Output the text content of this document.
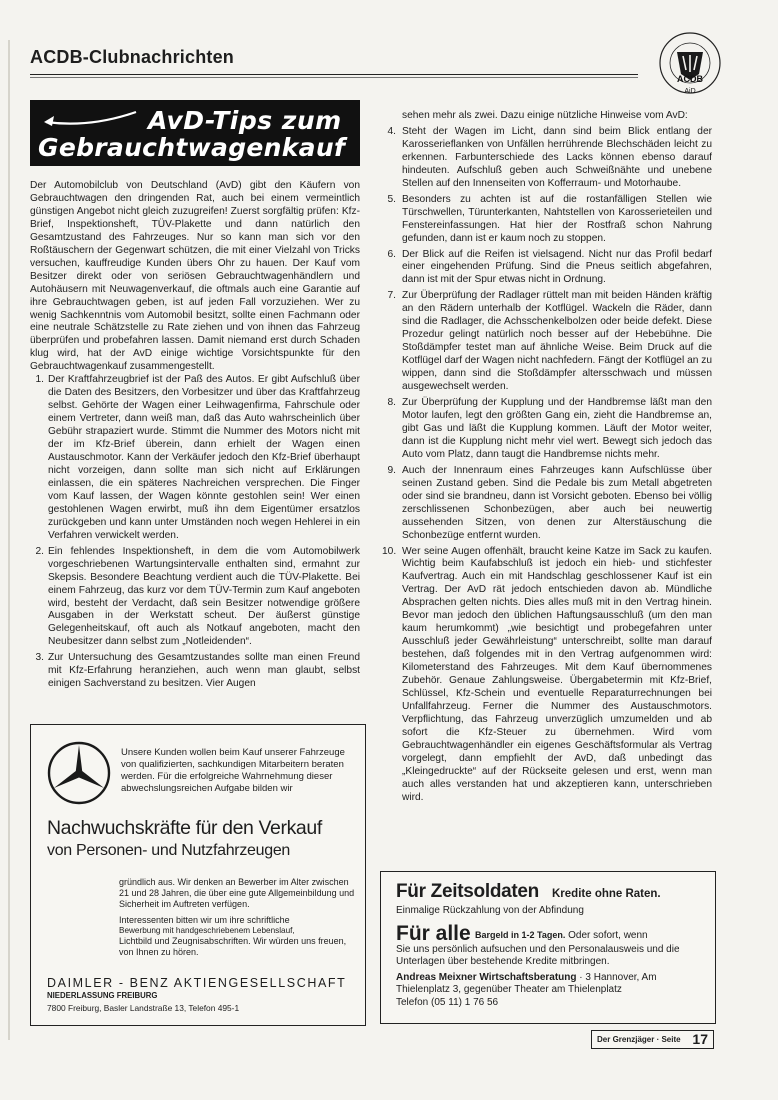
ACDB-Clubnachrichten
ACDB
AiD
AvD-Tips zum
Gebrauchtwagenkauf

Der Automobilclub von Deutschland (AvD) gibt den Käufern von Gebrauchtwagen den dringenden Rat, auch bei einem vermeintlich günstigen Angebot nicht gleich zuzugreifen! Zuerst sorgfältig prüfen: Kfz-Brief, Inspektionsheft, TÜV-Plakette und dann natürlich den Gesamtzustand des Fahrzeuges. Nur so kann man sich vor den Roßtäuschern der Gegenwart schützen, die mit einer Vielzahl von Tricks versuchen, kauffreudige Kunden übers Ohr zu hauen. Der Kauf vom Besitzer direkt oder von seriösen Gebrauchtwagenhändlern und Autohäusern mit Neuwagenverkauf, die oftmals auch eine Garantie auf ihre Gebrauchtwagen geben, ist auf jeden Fall vorzuziehen. Wer zu wenig Sachkenntnis vom Automobil besitzt, sollte einen Fachmann oder eine neutrale Schätzstelle zu Rate ziehen und von ihnen das Fahrzeug überprüfen und probefahren lassen. Damit niemand erst durch Schaden klug wird, hat der AvD einige wichtige Vorsichtspunkte für den Gebrauchtwagenkauf zusammengestellt.

1. Der Kraftfahrzeugbrief ist der Paß des Autos. Er gibt Aufschluß über die Daten des Besitzers, den Vorbesitzer und über das Kraftfahrzeug selbst. Gehörte der Wagen einer Leihwagenfirma, Fahrschule oder einem Vertreter, dann weiß man, daß das Auto wahrscheinlich über Gebühr strapaziert wurde. Stimmt die Nummer des Motors nicht mit der im Kfz-Brief überein, dann erhielt der Wagen einen Austauschmotor. Kann der Verkäufer jedoch den Kfz-Brief überhaupt nicht vorzeigen, dann sollte man sich nicht auf Erklärungen einlassen, die ein späteres Nachreichen versprechen. Die Finger vom Kauf lassen, der Wagen könnte gestohlen sein! Wer einen gestohlenen Wagen erwirbt, muß ihn dem Eigentümer ersatzlos zurückgeben und kann unter Umständen noch wegen Hehlerei in ein Verfahren verwickelt werden.
2. Ein fehlendes Inspektionsheft, in dem die vom Automobilwerk vorgeschriebenen Wartungsintervalle enthalten sind, ermahnt zur Skepsis. Besondere Beachtung verdient auch die TÜV-Plakette. Bei einem Fahrzeug, das kurz vor dem TÜV-Termin zum Kauf angeboten wird, besteht der Verdacht, daß sein Besitzer notwendige größere Ausgaben in der Werkstatt scheut. Der äußerst günstige Gelegenheitskauf, oft auch als Notkauf angeboten, macht den Neubesitzer dann selbst zum „Notleidenden“.
3. Zur Untersuchung des Gesamtzustandes sollte man einen Freund mit Kfz-Erfahrung heranziehen, auch wenn man glaubt, selbst einigen Sachverstand zu besitzen. Vier Augen

sehen mehr als zwei. Dazu einige nützliche Hinweise vom AvD:

4. Steht der Wagen im Licht, dann sind beim Blick entlang der Karosserieflanken von Unfällen herrührende Blechschäden leicht zu erkennen. Farbunterschiede des Lacks können ebenso darauf hindeuten. Aufschluß geben auch Schweißnähte und unebene Stellen auf den Innenseiten von Kofferraum- und Motorhaube.
5. Besonders zu achten ist auf die rostanfälligen Stellen wie Türschwellen, Türunterkanten, Nahtstellen von Karosserieteilen und Fenstereinfassungen. Hat hier der Rostfraß schon Nahrung gefunden, dann ist er kaum noch zu stoppen.
6. Der Blick auf die Reifen ist vielsagend. Nicht nur das Profil bedarf einer eingehenden Prüfung. Sind die Pneus seitlich abgefahren, dann ist mit der Spur etwas nicht in Ordnung.
7. Zur Überprüfung der Radlager rüttelt man mit beiden Händen kräftig an den Rädern unterhalb der Kotflügel. Wackeln die Räder, dann sind die Radlager, die Achsschenkelbolzen oder beide defekt. Diese Prozedur gelingt natürlich noch besser auf der Hebebühne. Die Stoßdämpfer testet man auf ähnliche Weise. Beim Druck auf die Kotflügel darf der Wagen nicht nachfedern. Fängt der Kotflügel an zu wippen, dann sind die Stoßdämpfer altersschwach und müssen ausgewechselt werden.
8. Zur Überprüfung der Kupplung und der Handbremse läßt man den Motor laufen, legt den größten Gang ein, zieht die Handbremse an, gibt Gas und läßt die Kupplung kommen. Läuft der Motor weiter, dann ist die Kupplung nicht mehr viel wert. Bewegt sich jedoch das Auto vom Platz, dann taugt die Handbremse nichts mehr.
9. Auch der Innenraum eines Fahrzeuges kann Aufschlüsse über seinen Zustand geben. Sind die Pedale bis zum Metall abgetreten oder sind sie brandneu, dann ist Vorsicht geboten. Ebenso bei völlig zerschlissenen Schonbezügen, aber auch bei neuwertig aussehenden Sitzen, von denen zur Alterstäuschung die Schonbezüge entfernt wurden.
10. Wer seine Augen offenhält, braucht keine Katze im Sack zu kaufen. Wichtig beim Kaufabschluß ist jedoch ein hieb- und stichfester Kaufvertrag. Auch ein mit Handschlag geschlossener Kauf ist ein Vertrag. Der AvD rät jedoch entschieden davon ab. Mündliche Absprachen gelten nichts. Dies alles muß mit in den Vertrag hinein. Bevor man jedoch den üblichen Haftungsausschluß (um den man kaum herumkommt) „wie besichtigt und probegefahren unter Ausschluß jeder Gewährleistung“ unterschreibt, sollte man darauf bestehen, daß folgendes mit in den Vertrag aufgenommen wird: Kilometerstand des Fahrzeuges. Mit dem Kauf übernommenes Zubehör. Genaue Zahlungsweise. Übergabetermin mit Kfz-Brief, Schlüssel, Kfz-Schein und eventuelle Reparaturrechnungen bei Unfallfahrzeug. Ferner die Nummer des Austauschmotors. Verpflichtung, das Fahrzeug unverzüglich umzumelden und ab sofort die Kfz-Steuer zu übernehmen. Wird vom Gebrauchtwagenhändler ein eigenes Geschäftsformular als Vertrag vorgelegt, dann empfiehlt der AvD, daß unbedingt das „Kleingedruckte“ auf der Rückseite gelesen und erst, wenn man auch alles verstanden hat und akzeptieren kann, unterschrieben wird.
Unsere Kunden wollen beim Kauf unserer Fahrzeuge von qualifizierten, sachkundigen Mitarbeitern beraten werden. Für die erfolgreiche Wahrnehmung dieser abwechslungsreichen Aufgabe bilden wir
Nachwuchskräfte für den Verkauf
von Personen- und Nutzfahrzeugen
gründlich aus. Wir denken an Bewerber im Alter zwischen 21 und 28 Jahren, die über eine gute Allgemeinbildung und Sicherheit im Auftreten verfügen.
Interessenten bitten wir um ihre schriftliche
Bewerbung mit handgeschriebenem Lebenslauf,
Lichtbild und Zeugnisabschriften. Wir würden uns freuen, von Ihnen zu hören.
DAIMLER - BENZ AKTIENGESELLSCHAFT
NIEDERLASSUNG FREIBURG
7800 Freiburg, Basler Landstraße 13, Telefon 495-1
Für Zeitsoldaten Kredite ohne Raten.
Einmalige Rückzahlung von der Abfindung
Für alle Bargeld in 1-2 Tagen. Oder sofort, wenn
Sie uns persönlich aufsuchen und den Personalausweis und die Unterlagen über bestehende Kredite mitbringen.
Andreas Meixner Wirtschaftsberatung · 3 Hannover, Am Thielenplatz 3, gegenüber Theater am Thielenplatz
Telefon (05 11) 1 76 56
Der Grenzjäger · Seite 17
